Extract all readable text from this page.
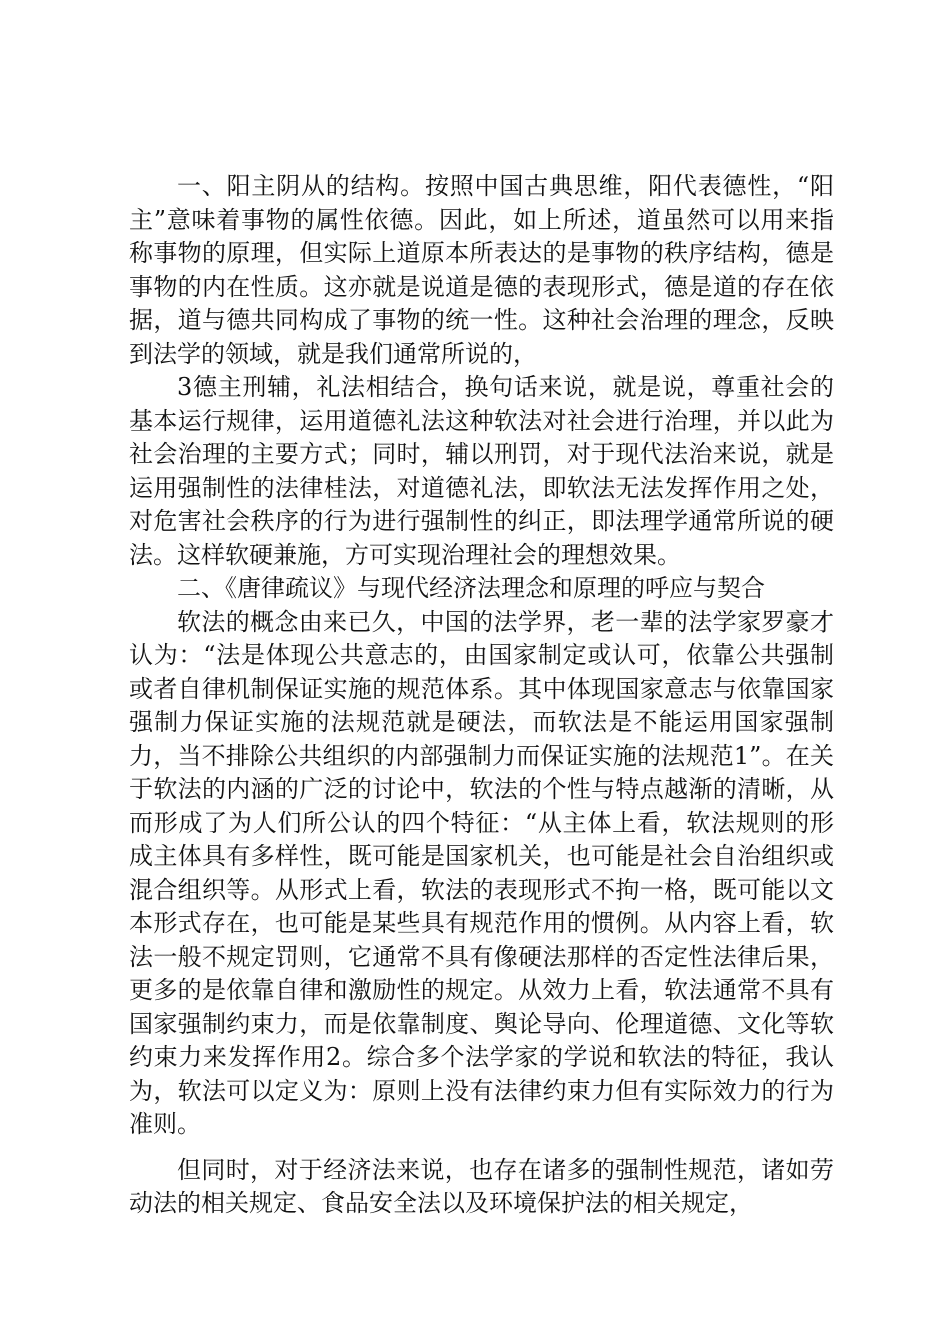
一、阳主阴从的结构。按照中国古典思维，阳代表德性，“阳主”意味着事物的属性依德。因此，如上所述，道虽然可以用来指称事物的原理，但实际上道原本所表达的是事物的秩序结构，德是事物的内在性质。这亦就是说道是德的表现形式，德是道的存在依据，道与德共同构成了事物的统一性。这种社会治理的理念，反映到法学的领域，就是我们通常所说的，

3德主刑辅，礼法相结合，换句话来说，就是说，尊重社会的基本运行规律，运用道德礼法这种软法对社会进行治理，并以此为社会治理的主要方式；同时，辅以刑罚，对于现代法治来说，就是运用强制性的法律桂法，对道德礼法，即软法无法发挥作用之处，对危害社会秩序的行为进行强制性的纠正，即法理学通常所说的硬法。这样软硬兼施，方可实现治理社会的理想效果。

二、《唐律疏议》与现代经济法理念和原理的呼应与契合

软法的概念由来已久，中国的法学界，老一辈的法学家罗豪才认为：“法是体现公共意志的，由国家制定或认可，依靠公共强制或者自律机制保证实施的规范体系。其中体现国家意志与依靠国家强制力保证实施的法规范就是硬法，而软法是不能运用国家强制力，当不排除公共组织的内部强制力而保证实施的法规范1”。在关于软法的内涵的广泛的讨论中，软法的个性与特点越渐的清晰，从而形成了为人们所公认的四个特征：“从主体上看，软法规则的形成主体具有多样性，既可能是国家机关，也可能是社会自治组织或混合组织等。从形式上看，软法的表现形式不拘一格，既可能以文本形式存在，也可能是某些具有规范作用的惯例。从内容上看，软法一般不规定罚则，它通常不具有像硬法那样的否定性法律后果，更多的是依靠自律和激励性的规定。从效力上看，软法通常不具有国家强制约束力，而是依靠制度、舆论导向、伦理道德、文化等软约束力来发挥作用2。综合多个法学家的学说和软法的特征，我认为，软法可以定义为：原则上没有法律约束力但有实际效力的行为准则。

但同时，对于经济法来说，也存在诸多的强制性规范，诸如劳动法的相关规定、食品安全法以及环境保护法的相关规定，
